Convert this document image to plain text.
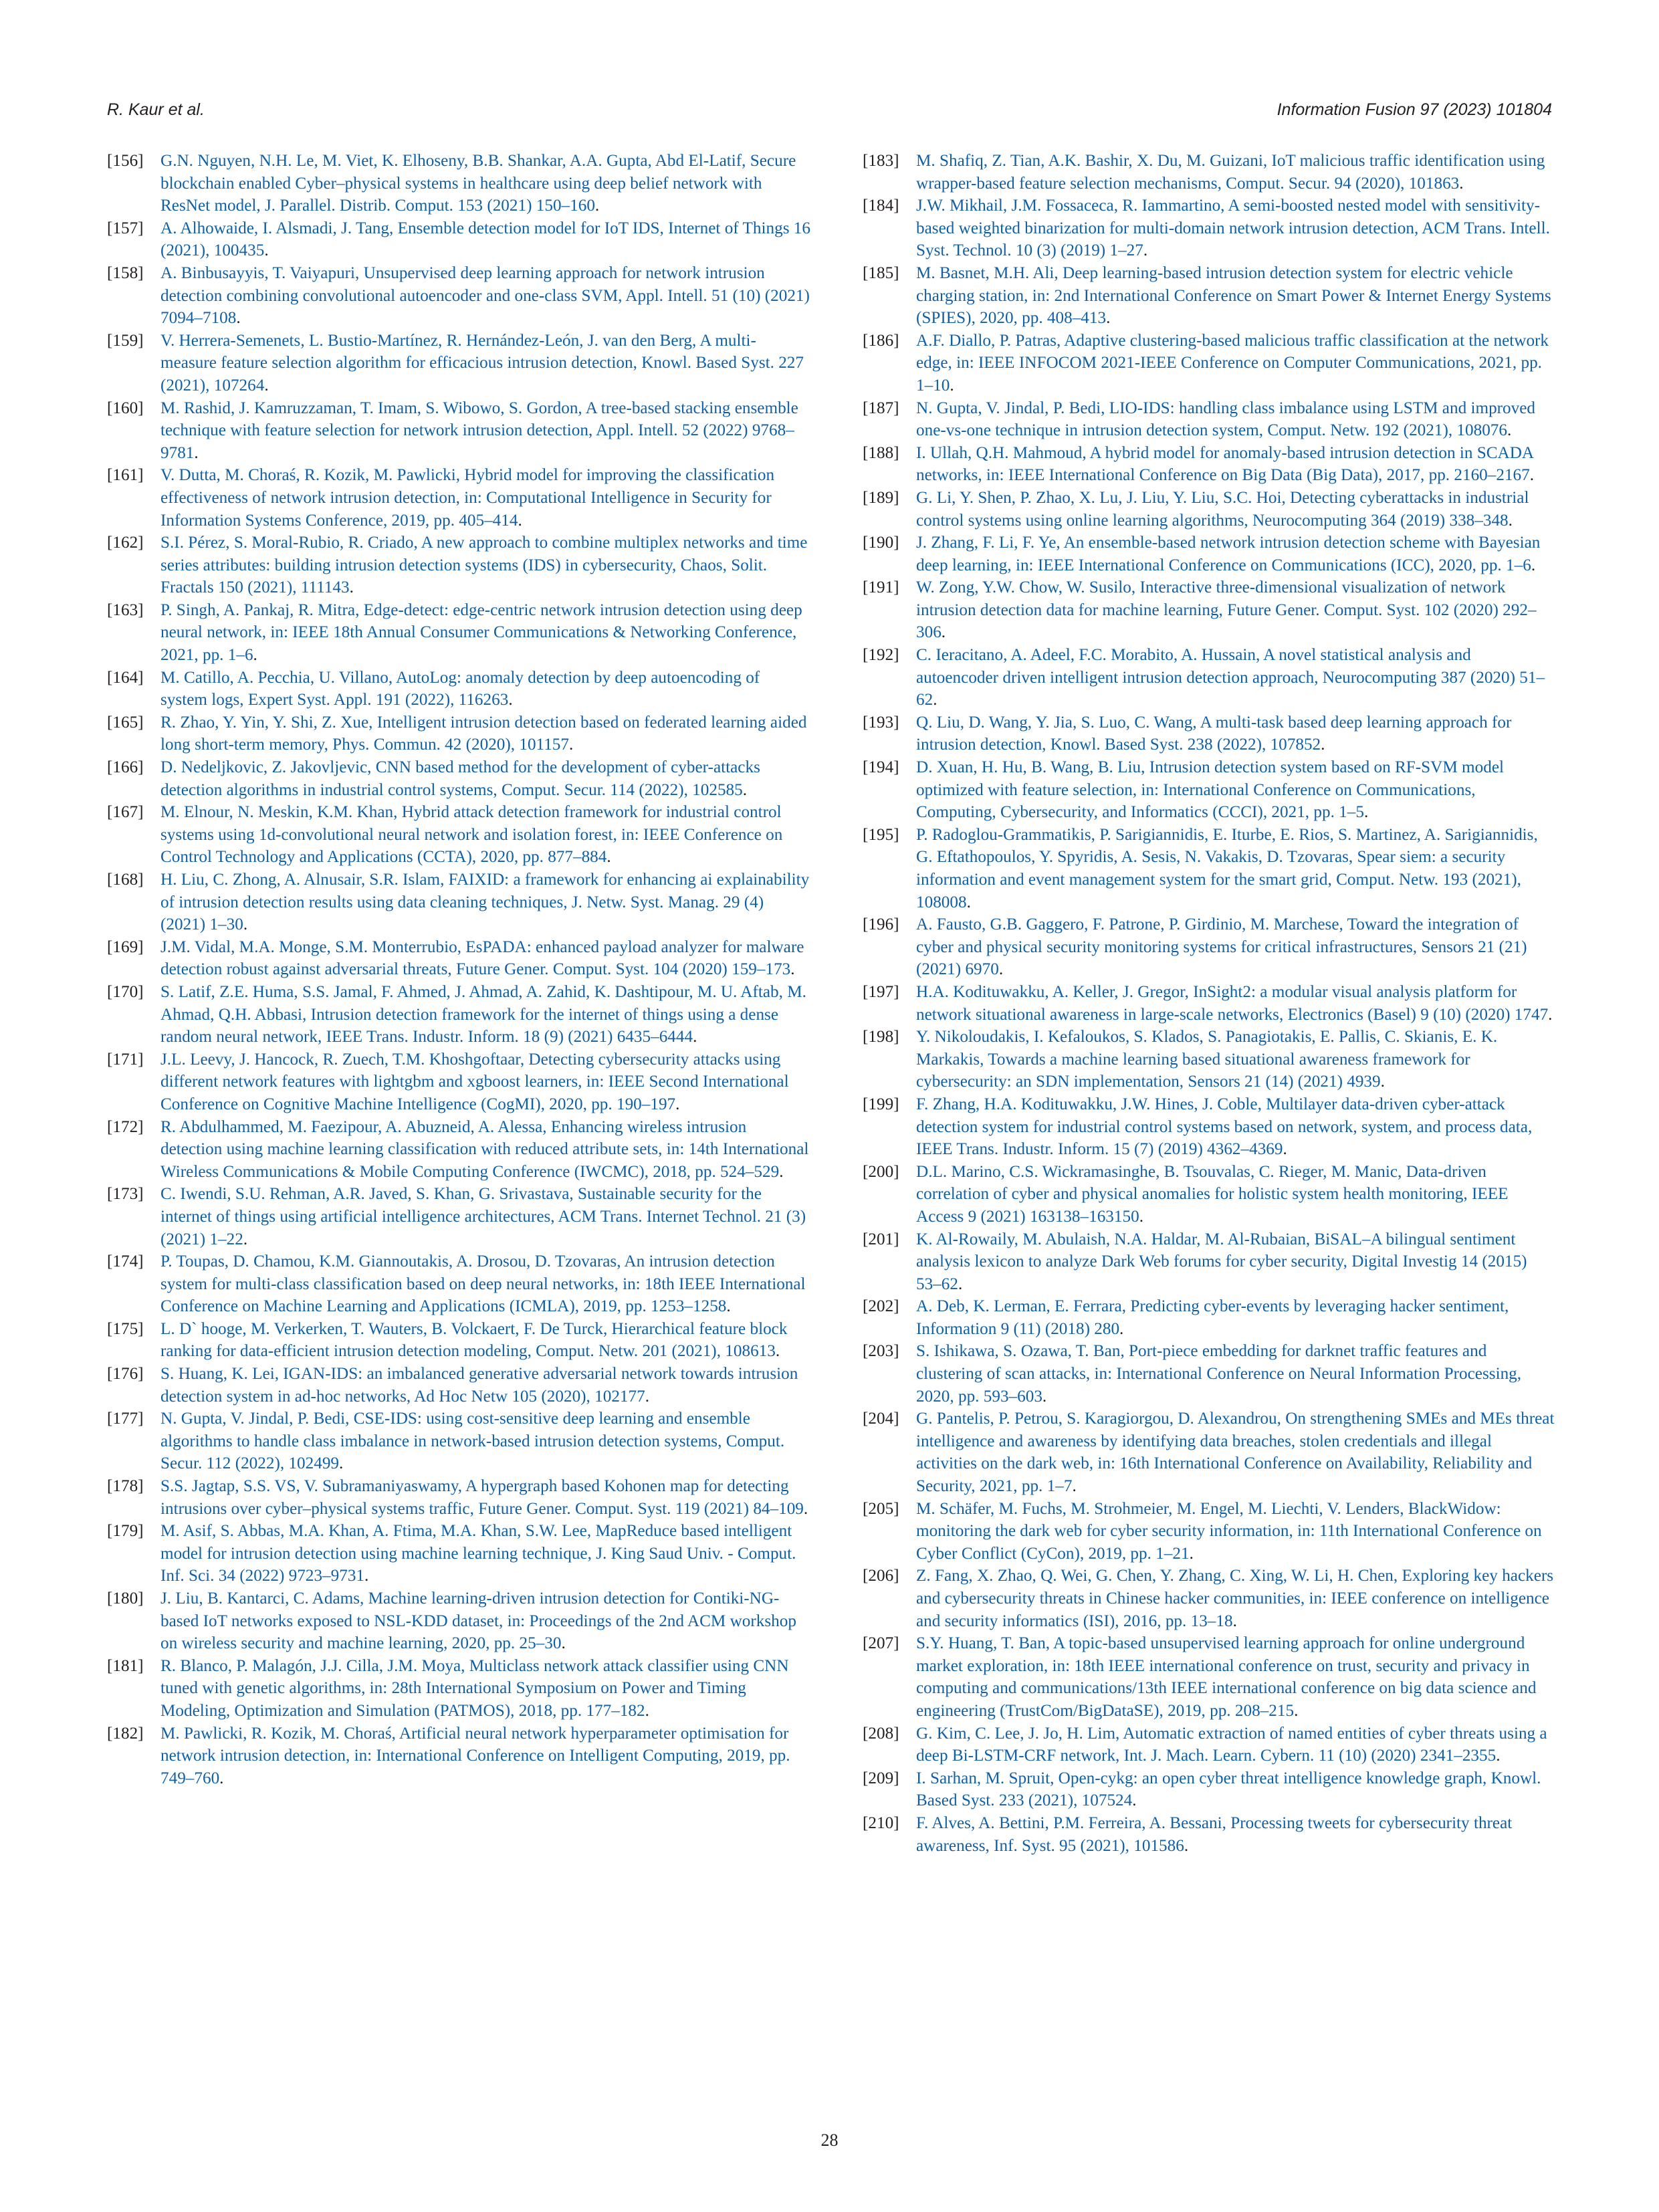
R. Kaur et al.	Information Fusion 97 (2023) 101804
[156]	G.N. Nguyen, N.H. Le, M. Viet, K. Elhoseny, B.B. Shankar, A.A. Gupta, Abd El-Latif, Secure blockchain enabled Cyber–physical systems in healthcare using deep belief network with ResNet model, J. Parallel. Distrib. Comput. 153 (2021) 150–160.
[157]	A. Alhowaide, I. Alsmadi, J. Tang, Ensemble detection model for IoT IDS, Internet of Things 16 (2021), 100435.
[158]	A. Binbusayyis, T. Vaiyapuri, Unsupervised deep learning approach for network intrusion detection combining convolutional autoencoder and one-class SVM, Appl. Intell. 51 (10) (2021) 7094–7108.
[159]	V. Herrera-Semenets, L. Bustio-Martínez, R. Hernández-León, J. van den Berg, A multi-measure feature selection algorithm for efficacious intrusion detection, Knowl. Based Syst. 227 (2021), 107264.
[160]	M. Rashid, J. Kamruzzaman, T. Imam, S. Wibowo, S. Gordon, A tree-based stacking ensemble technique with feature selection for network intrusion detection, Appl. Intell. 52 (2022) 9768–9781.
[161]	V. Dutta, M. Choraś, R. Kozik, M. Pawlicki, Hybrid model for improving the classification effectiveness of network intrusion detection, in: Computational Intelligence in Security for Information Systems Conference, 2019, pp. 405–414.
[162]	S.I. Pérez, S. Moral-Rubio, R. Criado, A new approach to combine multiplex networks and time series attributes: building intrusion detection systems (IDS) in cybersecurity, Chaos, Solit. Fractals 150 (2021), 111143.
[163]	P. Singh, A. Pankaj, R. Mitra, Edge-detect: edge-centric network intrusion detection using deep neural network, in: IEEE 18th Annual Consumer Communications & Networking Conference, 2021, pp. 1–6.
[164]	M. Catillo, A. Pecchia, U. Villano, AutoLog: anomaly detection by deep autoencoding of system logs, Expert Syst. Appl. 191 (2022), 116263.
[165]	R. Zhao, Y. Yin, Y. Shi, Z. Xue, Intelligent intrusion detection based on federated learning aided long short-term memory, Phys. Commun. 42 (2020), 101157.
[166]	D. Nedeljkovic, Z. Jakovljevic, CNN based method for the development of cyber-attacks detection algorithms in industrial control systems, Comput. Secur. 114 (2022), 102585.
[167]	M. Elnour, N. Meskin, K.M. Khan, Hybrid attack detection framework for industrial control systems using 1d-convolutional neural network and isolation forest, in: IEEE Conference on Control Technology and Applications (CCTA), 2020, pp. 877–884.
[168]	H. Liu, C. Zhong, A. Alnusair, S.R. Islam, FAIXID: a framework for enhancing ai explainability of intrusion detection results using data cleaning techniques, J. Netw. Syst. Manag. 29 (4) (2021) 1–30.
[169]	J.M. Vidal, M.A. Monge, S.M. Monterrubio, EsPADA: enhanced payload analyzer for malware detection robust against adversarial threats, Future Gener. Comput. Syst. 104 (2020) 159–173.
[170]	S. Latif, Z.E. Huma, S.S. Jamal, F. Ahmed, J. Ahmad, A. Zahid, K. Dashtipour, M. U. Aftab, M. Ahmad, Q.H. Abbasi, Intrusion detection framework for the internet of things using a dense random neural network, IEEE Trans. Industr. Inform. 18 (9) (2021) 6435–6444.
[171]	J.L. Leevy, J. Hancock, R. Zuech, T.M. Khoshgoftaar, Detecting cybersecurity attacks using different network features with lightgbm and xgboost learners, in: IEEE Second International Conference on Cognitive Machine Intelligence (CogMI), 2020, pp. 190–197.
[172]	R. Abdulhammed, M. Faezipour, A. Abuzneid, A. Alessa, Enhancing wireless intrusion detection using machine learning classification with reduced attribute sets, in: 14th International Wireless Communications & Mobile Computing Conference (IWCMC), 2018, pp. 524–529.
[173]	C. Iwendi, S.U. Rehman, A.R. Javed, S. Khan, G. Srivastava, Sustainable security for the internet of things using artificial intelligence architectures, ACM Trans. Internet Technol. 21 (3) (2021) 1–22.
[174]	P. Toupas, D. Chamou, K.M. Giannoutakis, A. Drosou, D. Tzovaras, An intrusion detection system for multi-class classification based on deep neural networks, in: 18th IEEE International Conference on Machine Learning and Applications (ICMLA), 2019, pp. 1253–1258.
[175]	L. D` hooge, M. Verkerken, T. Wauters, B. Volckaert, F. De Turck, Hierarchical feature block ranking for data-efficient intrusion detection modeling, Comput. Netw. 201 (2021), 108613.
[176]	S. Huang, K. Lei, IGAN-IDS: an imbalanced generative adversarial network towards intrusion detection system in ad-hoc networks, Ad Hoc Netw 105 (2020), 102177.
[177]	N. Gupta, V. Jindal, P. Bedi, CSE-IDS: using cost-sensitive deep learning and ensemble algorithms to handle class imbalance in network-based intrusion detection systems, Comput. Secur. 112 (2022), 102499.
[178]	S.S. Jagtap, S.S. VS, V. Subramaniyaswamy, A hypergraph based Kohonen map for detecting intrusions over cyber–physical systems traffic, Future Gener. Comput. Syst. 119 (2021) 84–109.
[179]	M. Asif, S. Abbas, M.A. Khan, A. Ftima, M.A. Khan, S.W. Lee, MapReduce based intelligent model for intrusion detection using machine learning technique, J. King Saud Univ. - Comput. Inf. Sci. 34 (2022) 9723–9731.
[180]	J. Liu, B. Kantarci, C. Adams, Machine learning-driven intrusion detection for Contiki-NG-based IoT networks exposed to NSL-KDD dataset, in: Proceedings of the 2nd ACM workshop on wireless security and machine learning, 2020, pp. 25–30.
[181]	R. Blanco, P. Malagón, J.J. Cilla, J.M. Moya, Multiclass network attack classifier using CNN tuned with genetic algorithms, in: 28th International Symposium on Power and Timing Modeling, Optimization and Simulation (PATMOS), 2018, pp. 177–182.
[182]	M. Pawlicki, R. Kozik, M. Choraś, Artificial neural network hyperparameter optimisation for network intrusion detection, in: International Conference on Intelligent Computing, 2019, pp. 749–760.
[183]	M. Shafiq, Z. Tian, A.K. Bashir, X. Du, M. Guizani, IoT malicious traffic identification using wrapper-based feature selection mechanisms, Comput. Secur. 94 (2020), 101863.
[184]	J.W. Mikhail, J.M. Fossaceca, R. Iammartino, A semi-boosted nested model with sensitivity-based weighted binarization for multi-domain network intrusion detection, ACM Trans. Intell. Syst. Technol. 10 (3) (2019) 1–27.
[185]	M. Basnet, M.H. Ali, Deep learning-based intrusion detection system for electric vehicle charging station, in: 2nd International Conference on Smart Power & Internet Energy Systems (SPIES), 2020, pp. 408–413.
[186]	A.F. Diallo, P. Patras, Adaptive clustering-based malicious traffic classification at the network edge, in: IEEE INFOCOM 2021-IEEE Conference on Computer Communications, 2021, pp. 1–10.
[187]	N. Gupta, V. Jindal, P. Bedi, LIO-IDS: handling class imbalance using LSTM and improved one-vs-one technique in intrusion detection system, Comput. Netw. 192 (2021), 108076.
[188]	I. Ullah, Q.H. Mahmoud, A hybrid model for anomaly-based intrusion detection in SCADA networks, in: IEEE International Conference on Big Data (Big Data), 2017, pp. 2160–2167.
[189]	G. Li, Y. Shen, P. Zhao, X. Lu, J. Liu, Y. Liu, S.C. Hoi, Detecting cyberattacks in industrial control systems using online learning algorithms, Neurocomputing 364 (2019) 338–348.
[190]	J. Zhang, F. Li, F. Ye, An ensemble-based network intrusion detection scheme with Bayesian deep learning, in: IEEE International Conference on Communications (ICC), 2020, pp. 1–6.
[191]	W. Zong, Y.W. Chow, W. Susilo, Interactive three-dimensional visualization of network intrusion detection data for machine learning, Future Gener. Comput. Syst. 102 (2020) 292–306.
[192]	C. Ieracitano, A. Adeel, F.C. Morabito, A. Hussain, A novel statistical analysis and autoencoder driven intelligent intrusion detection approach, Neurocomputing 387 (2020) 51–62.
[193]	Q. Liu, D. Wang, Y. Jia, S. Luo, C. Wang, A multi-task based deep learning approach for intrusion detection, Knowl. Based Syst. 238 (2022), 107852.
[194]	D. Xuan, H. Hu, B. Wang, B. Liu, Intrusion detection system based on RF-SVM model optimized with feature selection, in: International Conference on Communications, Computing, Cybersecurity, and Informatics (CCCI), 2021, pp. 1–5.
[195]	P. Radoglou-Grammatikis, P. Sarigiannidis, E. Iturbe, E. Rios, S. Martinez, A. Sarigiannidis, G. Eftathopoulos, Y. Spyridis, A. Sesis, N. Vakakis, D. Tzovaras, Spear siem: a security information and event management system for the smart grid, Comput. Netw. 193 (2021), 108008.
[196]	A. Fausto, G.B. Gaggero, F. Patrone, P. Girdinio, M. Marchese, Toward the integration of cyber and physical security monitoring systems for critical infrastructures, Sensors 21 (21) (2021) 6970.
[197]	H.A. Kodituwakku, A. Keller, J. Gregor, InSight2: a modular visual analysis platform for network situational awareness in large-scale networks, Electronics (Basel) 9 (10) (2020) 1747.
[198]	Y. Nikoloudakis, I. Kefaloukos, S. Klados, S. Panagiotakis, E. Pallis, C. Skianis, E. K. Markakis, Towards a machine learning based situational awareness framework for cybersecurity: an SDN implementation, Sensors 21 (14) (2021) 4939.
[199]	F. Zhang, H.A. Kodituwakku, J.W. Hines, J. Coble, Multilayer data-driven cyber-attack detection system for industrial control systems based on network, system, and process data, IEEE Trans. Industr. Inform. 15 (7) (2019) 4362–4369.
[200]	D.L. Marino, C.S. Wickramasinghe, B. Tsouvalas, C. Rieger, M. Manic, Data-driven correlation of cyber and physical anomalies for holistic system health monitoring, IEEE Access 9 (2021) 163138–163150.
[201]	K. Al-Rowaily, M. Abulaish, N.A. Haldar, M. Al-Rubaian, BiSAL–A bilingual sentiment analysis lexicon to analyze Dark Web forums for cyber security, Digital Investig 14 (2015) 53–62.
[202]	A. Deb, K. Lerman, E. Ferrara, Predicting cyber-events by leveraging hacker sentiment, Information 9 (11) (2018) 280.
[203]	S. Ishikawa, S. Ozawa, T. Ban, Port-piece embedding for darknet traffic features and clustering of scan attacks, in: International Conference on Neural Information Processing, 2020, pp. 593–603.
[204]	G. Pantelis, P. Petrou, S. Karagiorgou, D. Alexandrou, On strengthening SMEs and MEs threat intelligence and awareness by identifying data breaches, stolen credentials and illegal activities on the dark web, in: 16th International Conference on Availability, Reliability and Security, 2021, pp. 1–7.
[205]	M. Schäfer, M. Fuchs, M. Strohmeier, M. Engel, M. Liechti, V. Lenders, BlackWidow: monitoring the dark web for cyber security information, in: 11th International Conference on Cyber Conflict (CyCon), 2019, pp. 1–21.
[206]	Z. Fang, X. Zhao, Q. Wei, G. Chen, Y. Zhang, C. Xing, W. Li, H. Chen, Exploring key hackers and cybersecurity threats in Chinese hacker communities, in: IEEE conference on intelligence and security informatics (ISI), 2016, pp. 13–18.
[207]	S.Y. Huang, T. Ban, A topic-based unsupervised learning approach for online underground market exploration, in: 18th IEEE international conference on trust, security and privacy in computing and communications/13th IEEE international conference on big data science and engineering (TrustCom/BigDataSE), 2019, pp. 208–215.
[208]	G. Kim, C. Lee, J. Jo, H. Lim, Automatic extraction of named entities of cyber threats using a deep Bi-LSTM-CRF network, Int. J. Mach. Learn. Cybern. 11 (10) (2020) 2341–2355.
[209]	I. Sarhan, M. Spruit, Open-cykg: an open cyber threat intelligence knowledge graph, Knowl. Based Syst. 233 (2021), 107524.
[210]	F. Alves, A. Bettini, P.M. Ferreira, A. Bessani, Processing tweets for cybersecurity threat awareness, Inf. Syst. 95 (2021), 101586.
28
